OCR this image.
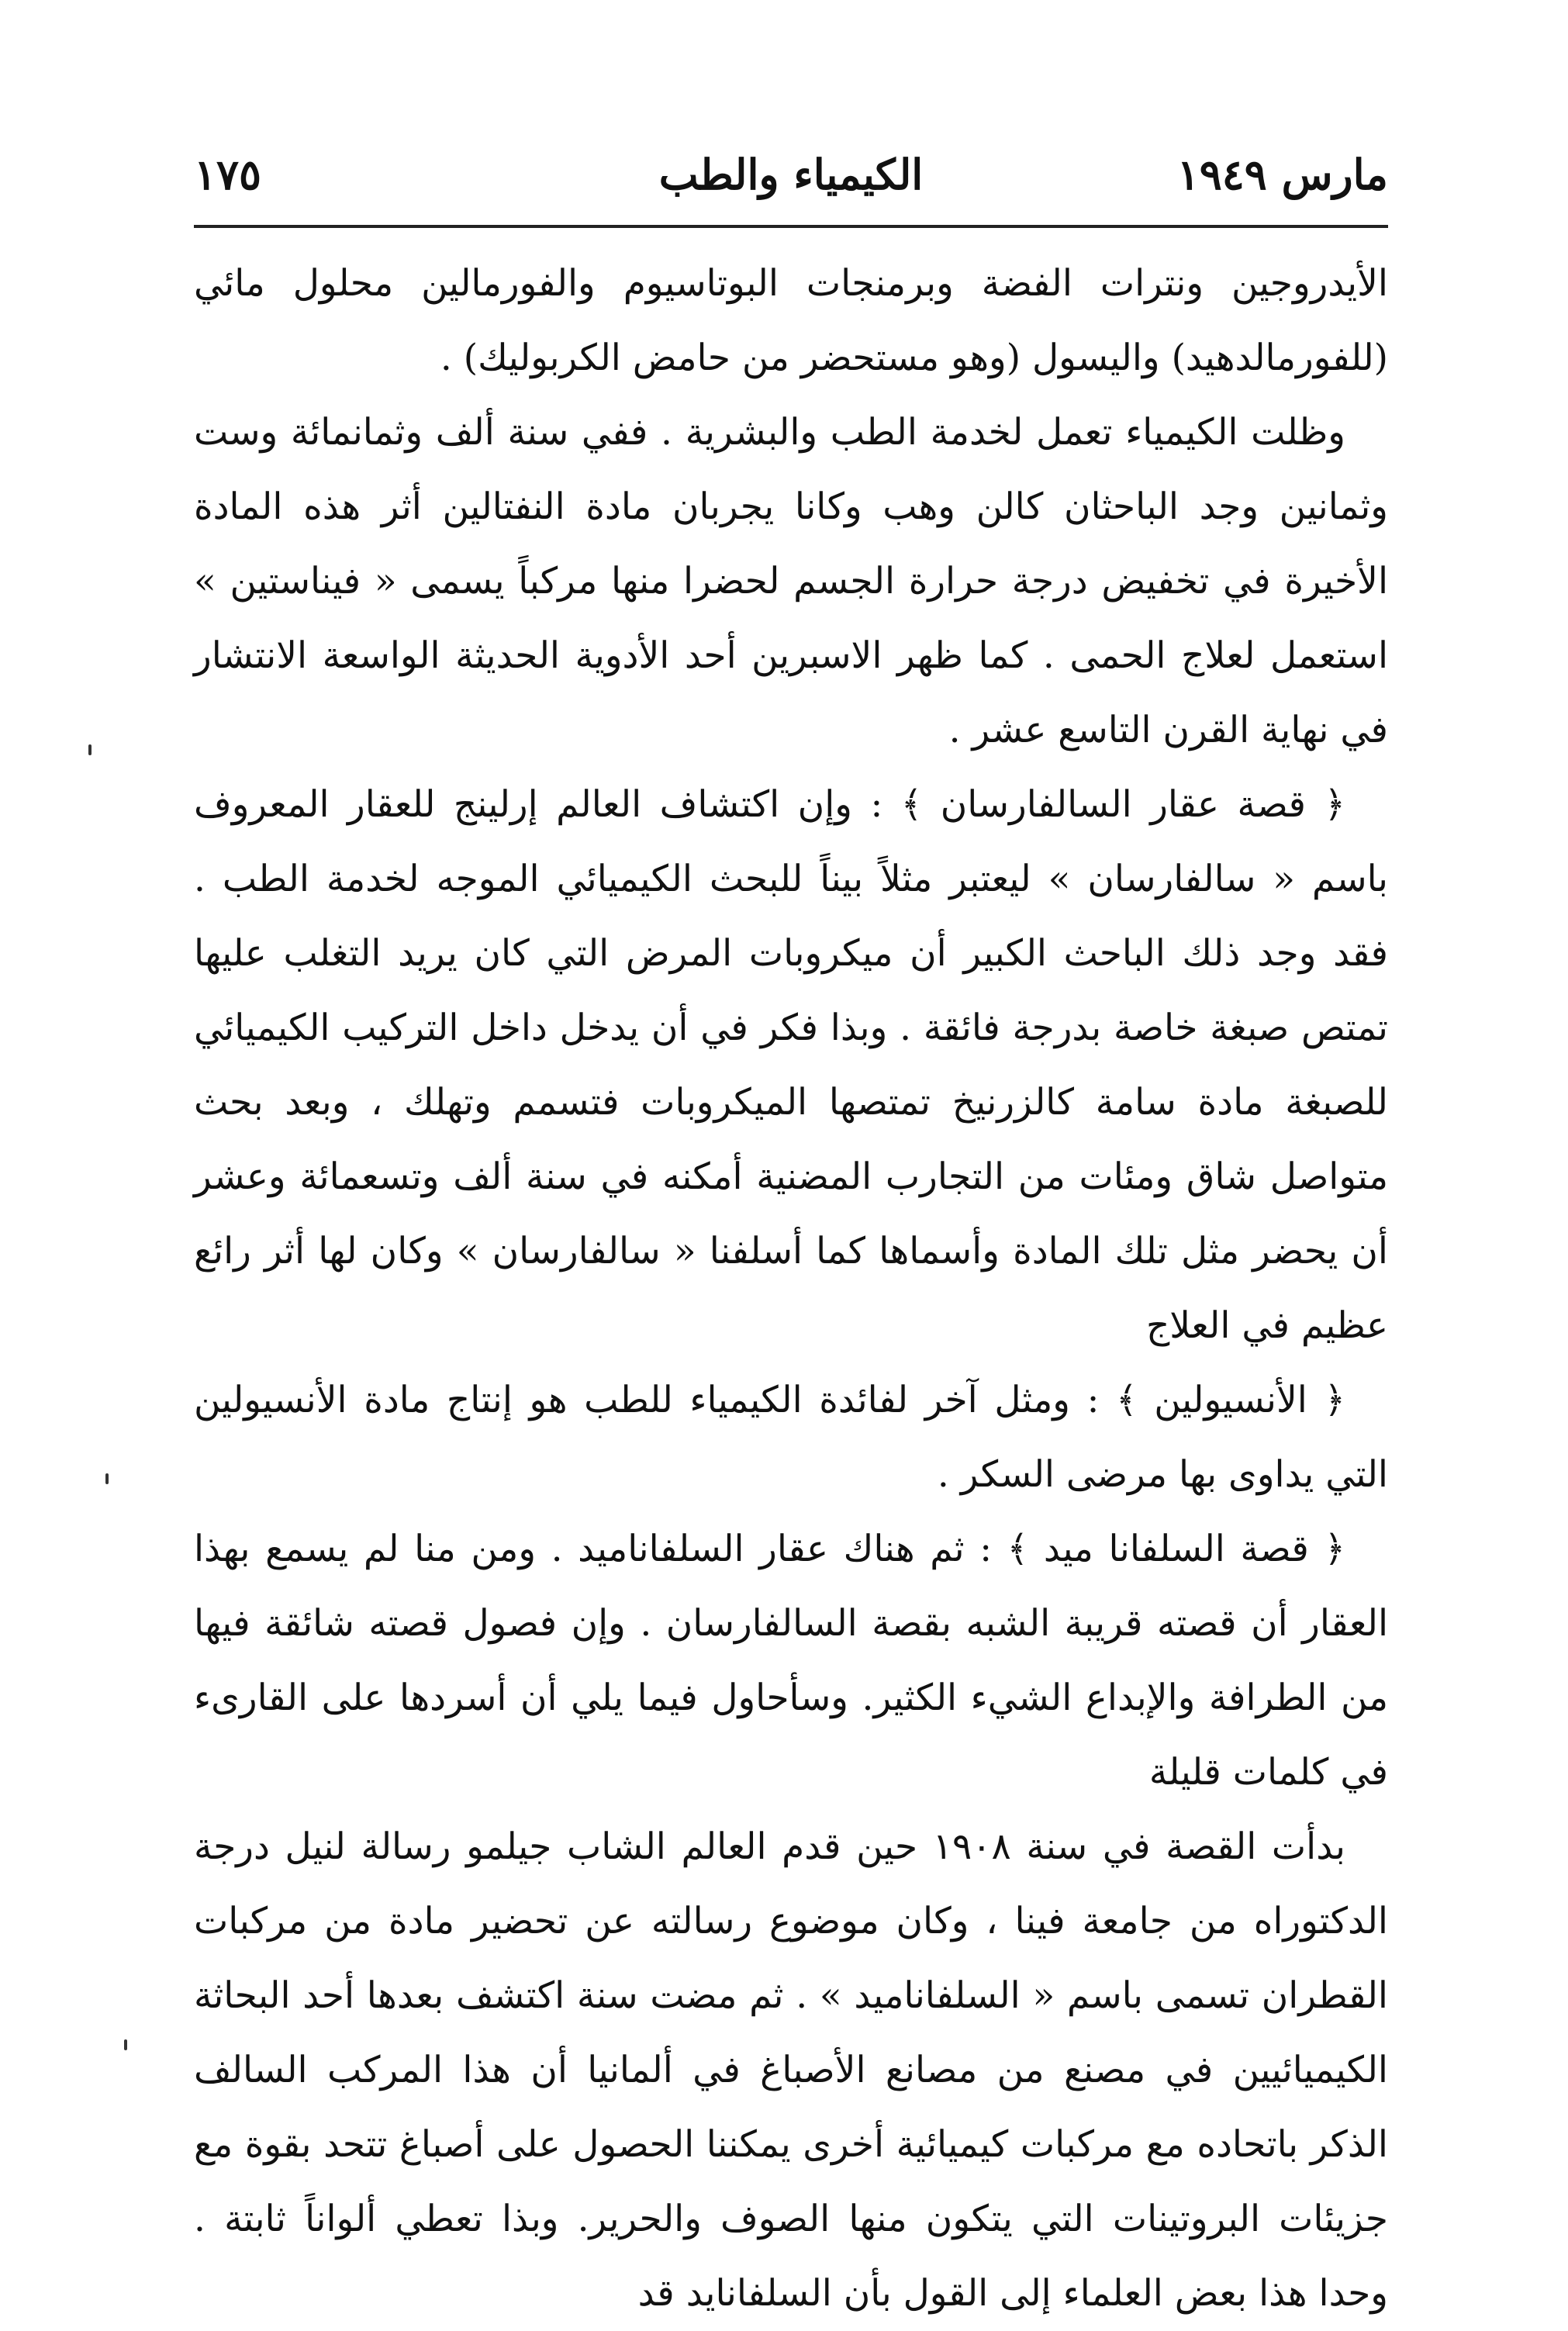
مارس ١٩٤٩
الكيمياء والطب
١٧٥

الأيدروجين ونترات الفضة وبرمنجات البوتاسيوم والفورمالين محلول مائي (للفورمالدهيد) واليسول (وهو مستحضر من حامض الكربوليك) .

وظلت الكيمياء تعمل لخدمة الطب والبشرية . ففي سنة ألف وثمانمائة وست وثمانين وجد الباحثان كالن وهب وكانا يجربان مادة النفتالين أثر هذه المادة الأخيرة في تخفيض درجة حرارة الجسم لحضرا منها مركباً يسمى « فيناستين » استعمل لعلاج الحمى . كما ظهر الاسبرين أحد الأدوية الحديثة الواسعة الانتشار في نهاية القرن التاسع عشر .

﴿ قصة عقار السالفارسان ﴾ : وإن اكتشاف العالم إرلينج للعقار المعروف باسم « سالفارسان » ليعتبر مثلاً بيناً للبحث الكيميائي الموجه لخدمة الطب . فقد وجد ذلك الباحث الكبير أن ميكروبات المرض التي كان يريد التغلب عليها تمتص صبغة خاصة بدرجة فائقة . وبذا فكر في أن يدخل داخل التركيب الكيميائي للصبغة مادة سامة كالزرنيخ تمتصها الميكروبات فتسمم وتهلك ، وبعد بحث متواصل شاق ومئات من التجارب المضنية أمكنه في سنة ألف وتسعمائة وعشر أن يحضر مثل تلك المادة وأسماها كما أسلفنا « سالفارسان » وكان لها أثر رائع عظيم في العلاج

﴿ الأنسيولين ﴾ : ومثل آخر لفائدة الكيمياء للطب هو إنتاج مادة الأنسيولين التي يداوى بها مرضى السكر .

﴿ قصة السلفانا ميد ﴾ : ثم هناك عقار السلفاناميد . ومن منا لم يسمع بهذا العقار أن قصته قريبة الشبه بقصة السالفارسان . وإن فصول قصته شائقة فيها من الطرافة والإبداع الشيء الكثير. وسأحاول فيما يلي أن أسردها على القارىء في كلمات قليلة

بدأت القصة في سنة ١٩٠٨ حين قدم العالم الشاب جيلمو رسالة لنيل درجة الدكتوراه من جامعة فينا ، وكان موضوع رسالته عن تحضير مادة من مركبات القطران تسمى باسم « السلفاناميد » . ثم مضت سنة اكتشف بعدها أحد البحاثة الكيميائيين في مصنع من مصانع الأصباغ في ألمانيا أن هذا المركب السالف الذكر باتحاده مع مركبات كيميائية أخرى يمكننا الحصول على أصباغ تتحد بقوة مع جزيئات البروتينات التي يتكون منها الصوف والحرير. وبذا تعطي ألواناً ثابتة . وحدا هذا بعض العلماء إلى القول بأن السلفانايد قد
